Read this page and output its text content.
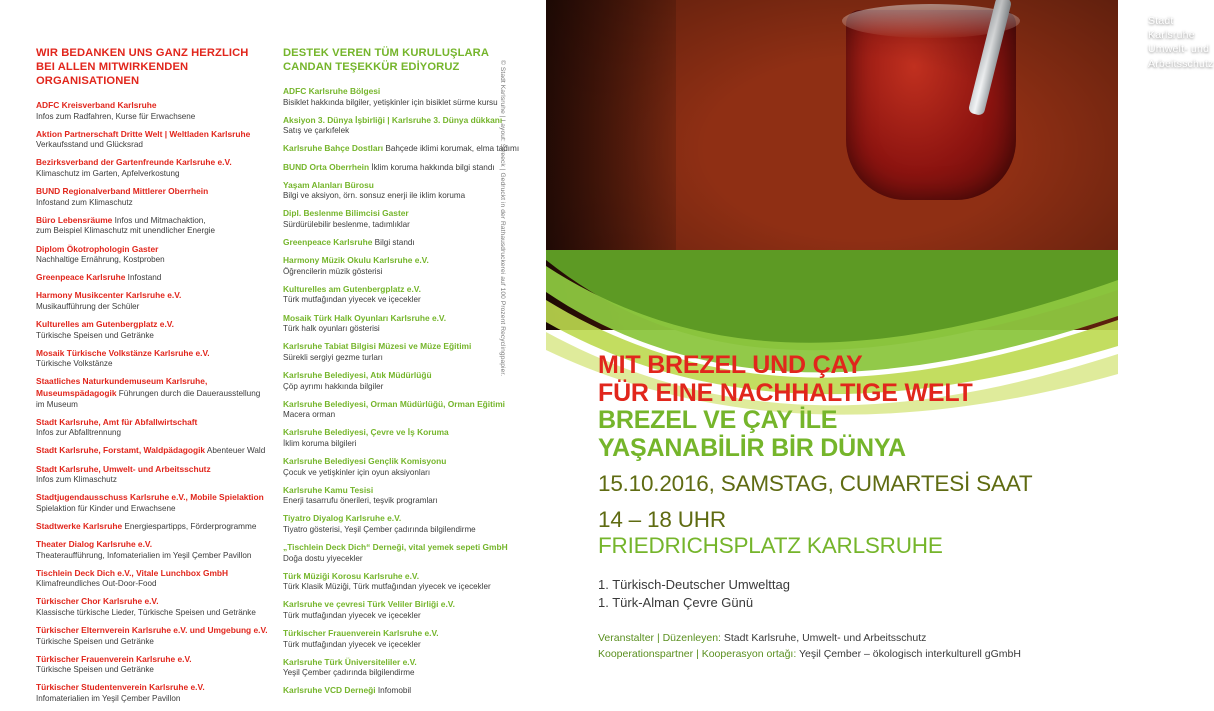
Stadt Karlsruhe
Umwelt- und Arbeitsschutz
© Stadt Karlsruhe | Layout: Streeck | Gedruckt in der Rathausdruckerei auf 100 Prozent Recyclingpapier.	MIT BREZEL UND ÇAY
FÜR EINE NACHHALTIGE WELT
BREZEL VE ÇAY İLE
YAŞANABİLİR BİR DÜNYA
15.10.2016, SAMSTAG, CUMARTESİ SAAT
14 – 18 UHR
FRIEDRICHSPLATZ KARLSRUHE
1. Türkisch-Deutscher Umwelttag
1. Türk-Alman Çevre Günü
Veranstalter | Düzenleyen: Stadt Karlsruhe, Umwelt- und Arbeitsschutz
Kooperationspartner | Kooperasyon ortağı: Yeşil Çember – ökologisch interkulturell gGmbH
WIR BEDANKEN UNS GANZ HERZLICH BEI ALLEN MITWIRKENDEN ORGANISATIONEN
ADFC Kreisverband Karlsruhe
Infos zum Radfahren, Kurse für Erwachsene
Aktion Partnerschaft Dritte Welt | Weltladen Karlsruhe Verkaufsstand und Glücksrad
Bezirksverband der Gartenfreunde Karlsruhe e.V.
Klimaschutz im Garten, Apfelverkostung
BUND Regionalverband Mittlerer Oberrhein
Infostand zum Klimaschutz
Büro Lebensräume Infos und Mitmachaktion,
zum Beispiel Klimaschutz mit unendlicher Energie
Diplom Ökotrophologin Gaster
Nachhaltige Ernährung, Kostproben
Greenpeace Karlsruhe Infostand
Harmony Musikcenter Karlsruhe e.V.
Musikaufführung der Schüler
Kulturelles am Gutenbergplatz e.V.
Türkische Speisen und Getränke
Mosaik Türkische Volkstänze Karlsruhe e.V.
Türkische Volkstänze
Staatliches Naturkundemuseum Karlsruhe, Museumspädagogik Führungen durch die Dauerausstellung
im Museum
Stadt Karlsruhe, Amt für Abfallwirtschaft
Infos zur Abfalltrennung
Stadt Karlsruhe, Forstamt, Waldpädagogik Abenteuer Wald
Stadt Karlsruhe, Umwelt- und Arbeitsschutz
Infos zum Klimaschutz
Stadtjugendausschuss Karlsruhe e.V., Mobile Spielaktion
Spielaktion für Kinder und Erwachsene
Stadtwerke Karlsruhe Energiespartipps, Förderprogramme
Theater Dialog Karlsruhe e.V.
Theateraufführung, Infomaterialien im Yeşil Çember Pavillon
Tischlein Deck Dich e.V., Vitale Lunchbox GmbH
Klimafreundliches Out-Door-Food
Türkischer Chor Karlsruhe e.V.
Klassische türkische Lieder, Türkische Speisen und Getränke
Türkischer Elternverein Karlsruhe e.V. und Umgebung e.V.
Türkische Speisen und Getränke
Türkischer Frauenverein Karlsruhe e.V.
Türkische Speisen und Getränke
Türkischer Studentenverein Karlsruhe e.V.
Infomaterialien im Yeşil Çember Pavillon
DESTEK VEREN TÜM KURULUŞLARA CANDAN TEŞEKKÜR EDİYORUZ
ADFC Karlsruhe Bölgesi
Bisiklet hakkında bilgiler, yetişkinler için bisiklet sürme kursu
Aksiyon 3. Dünya İşbirliği | Karlsruhe 3. Dünya dükkanı
Satış ve çarkıfelek
Karlsruhe Bahçe Dostları Bahçede iklimi korumak, elma tadımı
BUND Orta Oberrhein İklim koruma hakkında bilgi standı
Yaşam Alanları Bürosu
Bilgi ve aksiyon, örn. sonsuz enerji ile iklim koruma
Dipl. Beslenme Bilimcisi Gaster
Sürdürülebilir beslenme, tadımlıklar
Greenpeace Karlsruhe Bilgi standı
Harmony Müzik Okulu Karlsruhe e.V.
Öğrencilerin müzik gösterisi
Kulturelles am Gutenbergplatz e.V.
Türk mutfağından yiyecek ve içecekler
Mosaik Türk Halk Oyunları Karlsruhe e.V.
Türk halk oyunları gösterisi
Karlsruhe Tabiat Bilgisi Müzesi ve Müze Eğitimi
Sürekli sergiyi gezme turları
Karlsruhe Belediyesi, Atık Müdürlüğü
Çöp ayrımı hakkında bilgiler
Karlsruhe Belediyesi, Orman Müdürlüğü, Orman Eğitimi
Macera orman
Karlsruhe Belediyesi, Çevre ve İş Koruma
İklim koruma bilgileri
Karlsruhe Belediyesi Gençlik Komisyonu
Çocuk ve yetişkinler için oyun aksiyonları
Karlsruhe Kamu Tesisi
Enerji tasarrufu önerileri, teşvik programları
Tiyatro Diyalog Karlsruhe e.V.
Tiyatro gösterisi, Yeşil Çember çadırında bilgilendirme
„Tischlein Deck Dich“ Derneği, vital yemek sepeti GmbH
Doğa dostu yiyecekler
Türk Müziği Korosu Karlsruhe e.V.
Türk Klasik Müziği, Türk mutfağından yiyecek ve içecekler
Karlsruhe ve çevresi Türk Veliler Birliği e.V.
Türk mutfağından yiyecek ve içecekler
Türkischer Frauenverein Karlsruhe e.V.
Türk mutfağından yiyecek ve içecekler
Karlsruhe Türk Üniversiteliler e.V.
Yeşil Çember çadırında bilgilendirme
Karlsruhe VCD Derneği Infomobil
